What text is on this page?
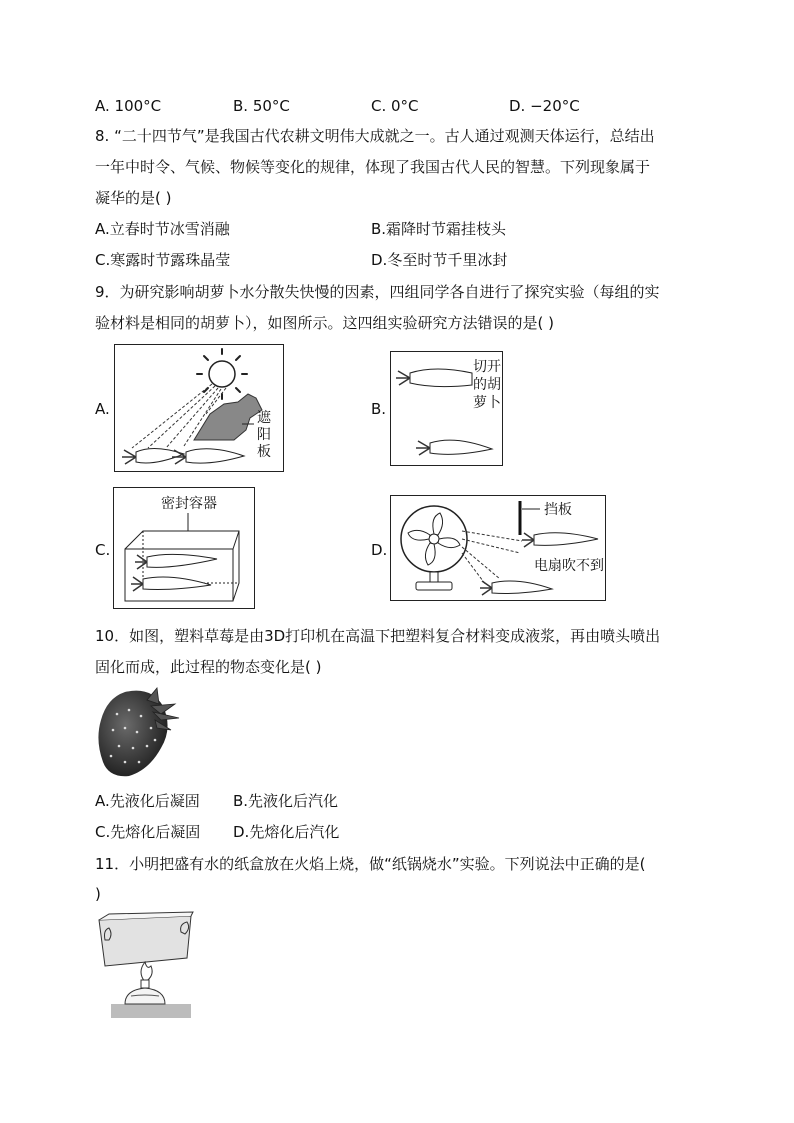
A. 100°C	B. 50°C	C. 0°C	D. −20°C
8. “二十四节气”是我国古代农耕文明伟大成就之一。古人通过观测天体运行，总结出
一年中时令、气候、物候等变化的规律，体现了我国古代人民的智慧。下列现象属于
凝华的是( )
A.立春时节冰雪消融	B.霜降时节霜挂枝头
C.寒露时节露珠晶莹	D.冬至时节千里冰封
9．为研究影响胡萝卜水分散失快慢的因素，四组同学各自进行了探究实验（每组的实
验材料是相同的胡萝卜），如图所示。这四组实验研究方法错误的是( )
A.	遮
阳
板
B.
切开
的胡
萝卜
C.
密封容器
D.
挡板
电扇吹不到
10．如图，塑料草莓是由3D打印机在高温下把塑料复合材料变成液浆，再由喷头喷出
固化而成，此过程的物态变化是( )
A.先液化后凝固 B.先液化后汽化
C.先熔化后凝固 D.先熔化后汽化
11．小明把盛有水的纸盒放在火焰上烧，做“纸锅烧水”实验。下列说法中正确的是(
)
